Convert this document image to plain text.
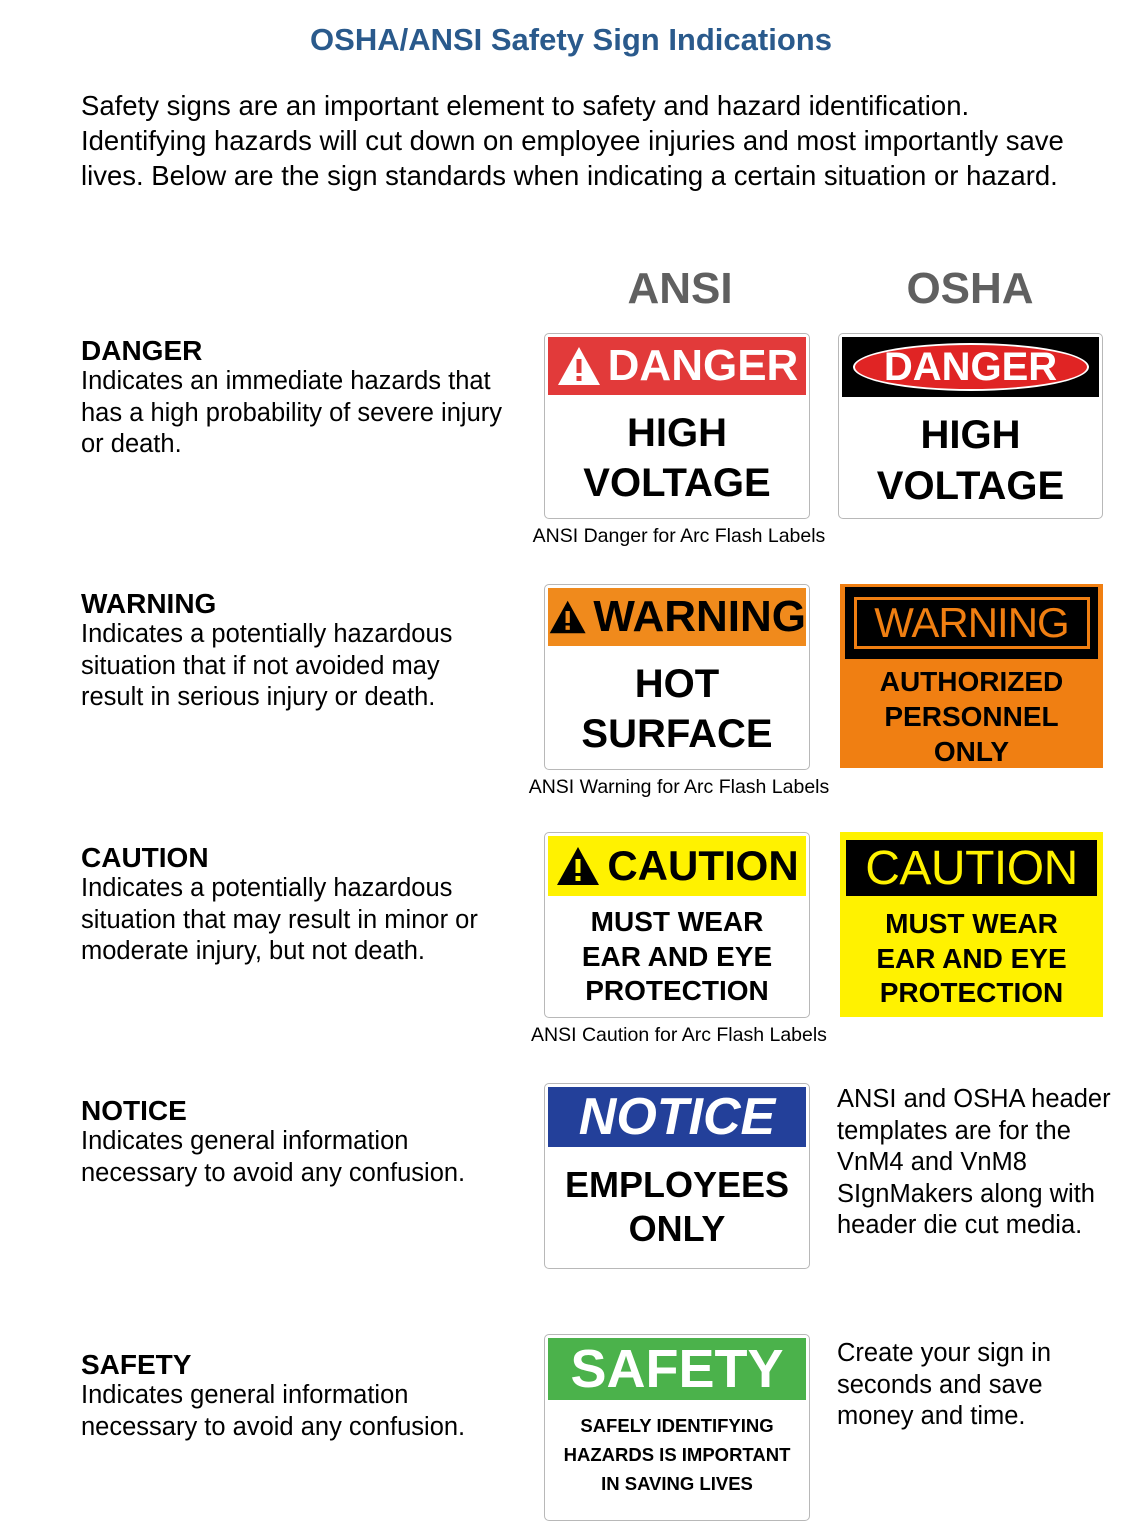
OSHA/ANSI Safety Sign Indications
Safety signs are an important element to safety and hazard identification. Identifying hazards will cut down on employee injuries and most importantly save lives. Below are the sign standards when indicating a certain situation or hazard.
ANSI	OSHA
DANGER
Indicates an immediate hazards that has a high probability of severe injury or death.
WARNING
Indicates a potentially hazardous situation that if not avoided may result in serious injury or death.
CAUTION
Indicates a potentially hazardous situation that may result in minor or moderate injury, but not death.
NOTICE
Indicates general information necessary to avoid any confusion.
SAFETY
Indicates general information necessary to avoid any confusion.
DANGER
HIGH
VOLTAGE
ANSI Danger for Arc Flash Labels
DANGER
HIGH
VOLTAGE
WARNING
HOT
SURFACE
ANSI Warning for Arc Flash Labels
WARNING
AUTHORIZED
PERSONNEL
ONLY
CAUTION
MUST WEAR
EAR AND EYE
PROTECTION
ANSI Caution for Arc Flash Labels
CAUTION
MUST WEAR
EAR AND EYE
PROTECTION
NOTICE
EMPLOYEES
ONLY
ANSI and OSHA header templates are for the VnM4 and VnM8 SIgnMakers along with header die cut media.
SAFETY
SAFELY IDENTIFYING
HAZARDS IS IMPORTANT
IN SAVING LIVES
Create your sign in seconds and save money and time.
